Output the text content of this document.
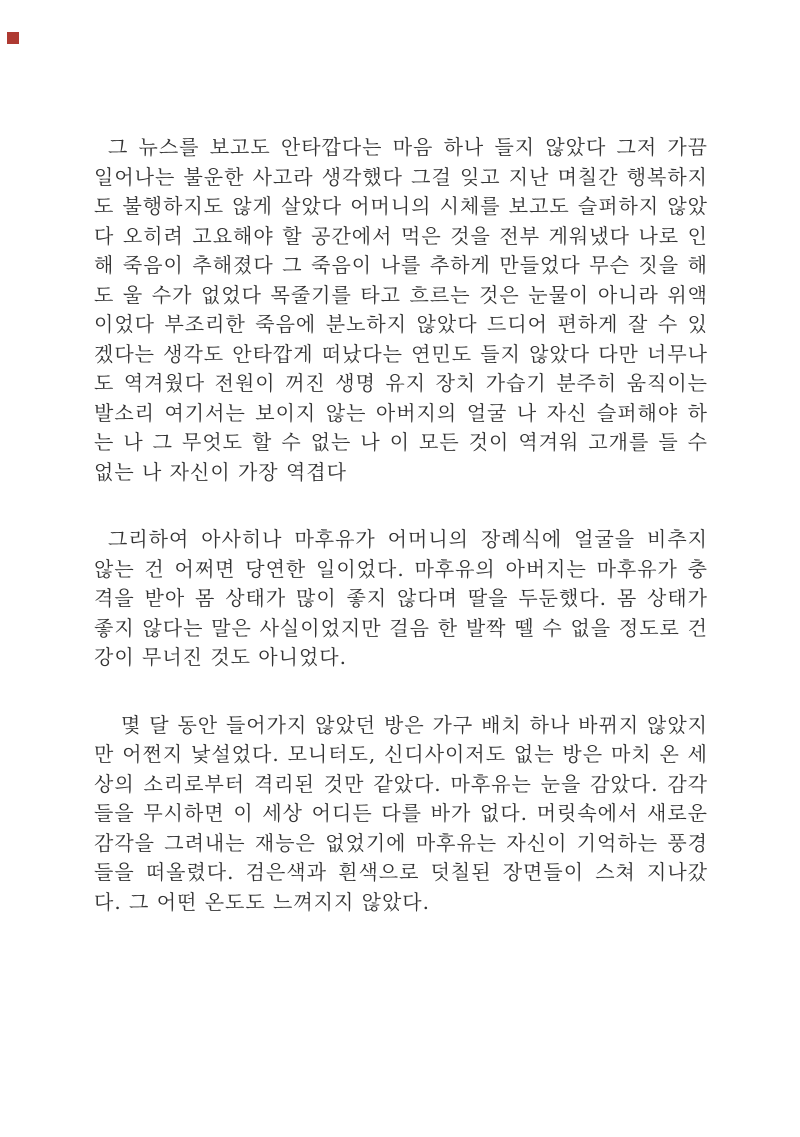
그 뉴스를 보고도 안타깝다는 마음 하나 들지 않았다 그저 가끔 일어나는 불운한 사고라 생각했다 그걸 잊고 지난 며칠간 행복하지도 불행하지도 않게 살았다 어머니의 시체를 보고도 슬퍼하지 않았다 오히려 고요해야 할 공간에서 먹은 것을 전부 게워냈다 나로 인해 죽음이 추해졌다 그 죽음이 나를 추하게 만들었다 무슨 짓을 해도 울 수가 없었다 목줄기를 타고 흐르는 것은 눈물이 아니라 위액이었다 부조리한 죽음에 분노하지 않았다 드디어 편하게 잘 수 있겠다는 생각도 안타깝게 떠났다는 연민도 들지 않았다 다만 너무나도 역겨웠다 전원이 꺼진 생명 유지 장치 가습기 분주히 움직이는 발소리 여기서는 보이지 않는 아버지의 얼굴 나 자신 슬퍼해야 하는 나 그 무엇도 할 수 없는 나 이 모든 것이 역겨워 고개를 들 수 없는 나 자신이 가장 역겹다

그리하여 아사히나 마후유가 어머니의 장례식에 얼굴을 비추지 않는 건 어쩌면 당연한 일이었다. 마후유의 아버지는 마후유가 충격을 받아 몸 상태가 많이 좋지 않다며 딸을 두둔했다. 몸 상태가 좋지 않다는 말은 사실이었지만 걸음 한 발짝 뗄 수 없을 정도로 건강이 무너진 것도 아니었다.

몇 달 동안 들어가지 않았던 방은 가구 배치 하나 바뀌지 않았지만 어쩐지 낯설었다. 모니터도, 신디사이저도 없는 방은 마치 온 세상의 소리로부터 격리된 것만 같았다. 마후유는 눈을 감았다. 감각들을 무시하면 이 세상 어디든 다를 바가 없다. 머릿속에서 새로운 감각을 그려내는 재능은 없었기에 마후유는 자신이 기억하는 풍경들을 떠올렸다. 검은색과 흰색으로 덧칠된 장면들이 스쳐 지나갔다. 그 어떤 온도도 느껴지지 않았다.
